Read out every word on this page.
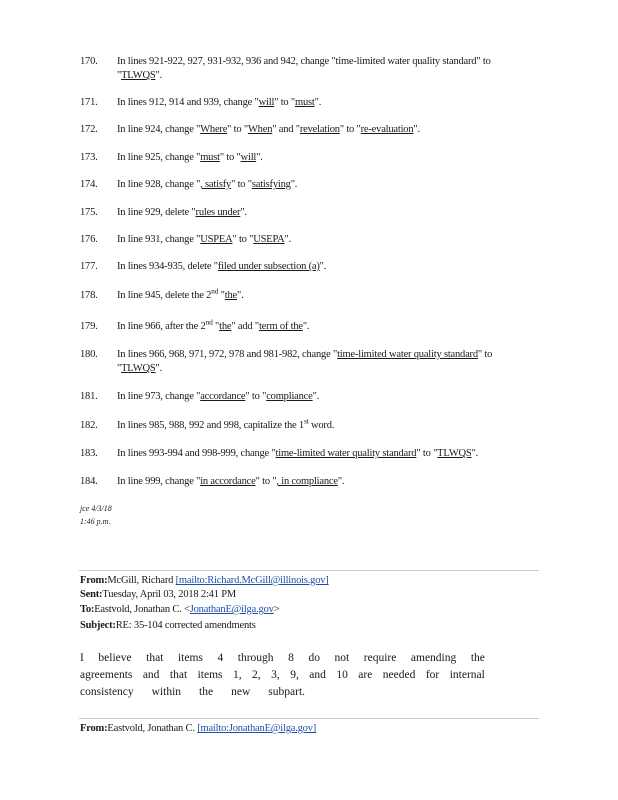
170. In lines 921-922, 927, 931-932, 936 and 942, change "time-limited water quality standard" to "TLWQS".
171. In lines 912, 914 and 939, change "will" to "must".
172. In line 924, change "Where" to "When" and "revelation" to "re-evaluation".
173. In line 925, change "must" to "will".
174. In line 928, change ", satisfy" to "satisfying".
175. In line 929, delete "rules under".
176. In line 931, change "USPEA" to "USEPA".
177. In lines 934-935, delete "filed under subsection (a)".
178. In line 945, delete the 2nd "the".
179. In line 966, after the 2nd "the" add "term of the".
180. In lines 966, 968, 971, 972, 978 and 981-982, change "time-limited water quality standard" to "TLWQS".
181. In line 973, change "accordance" to "compliance".
182. In lines 985, 988, 992 and 998, capitalize the 1st word.
183. In lines 993-994 and 998-999, change "time-limited water quality standard" to "TLWQS".
184. In line 999, change "in accordance" to ", in compliance".
jce 4/3/18
1:46 p.m.
From:McGill, Richard [mailto:Richard.McGill@illinois.gov]
Sent:Tuesday, April 03, 2018 2:41 PM
To:Eastvold, Jonathan C. <JonathanE@ilga.gov>
Subject:RE: 35-104 corrected amendments
I believe that items 4 through 8 do not require amending the
agreements and that items 1, 2, 3, 9, and 10 are needed for internal
consistency within the new subpart.
From:Eastvold, Jonathan C. [mailto:JonathanE@ilga.gov]
